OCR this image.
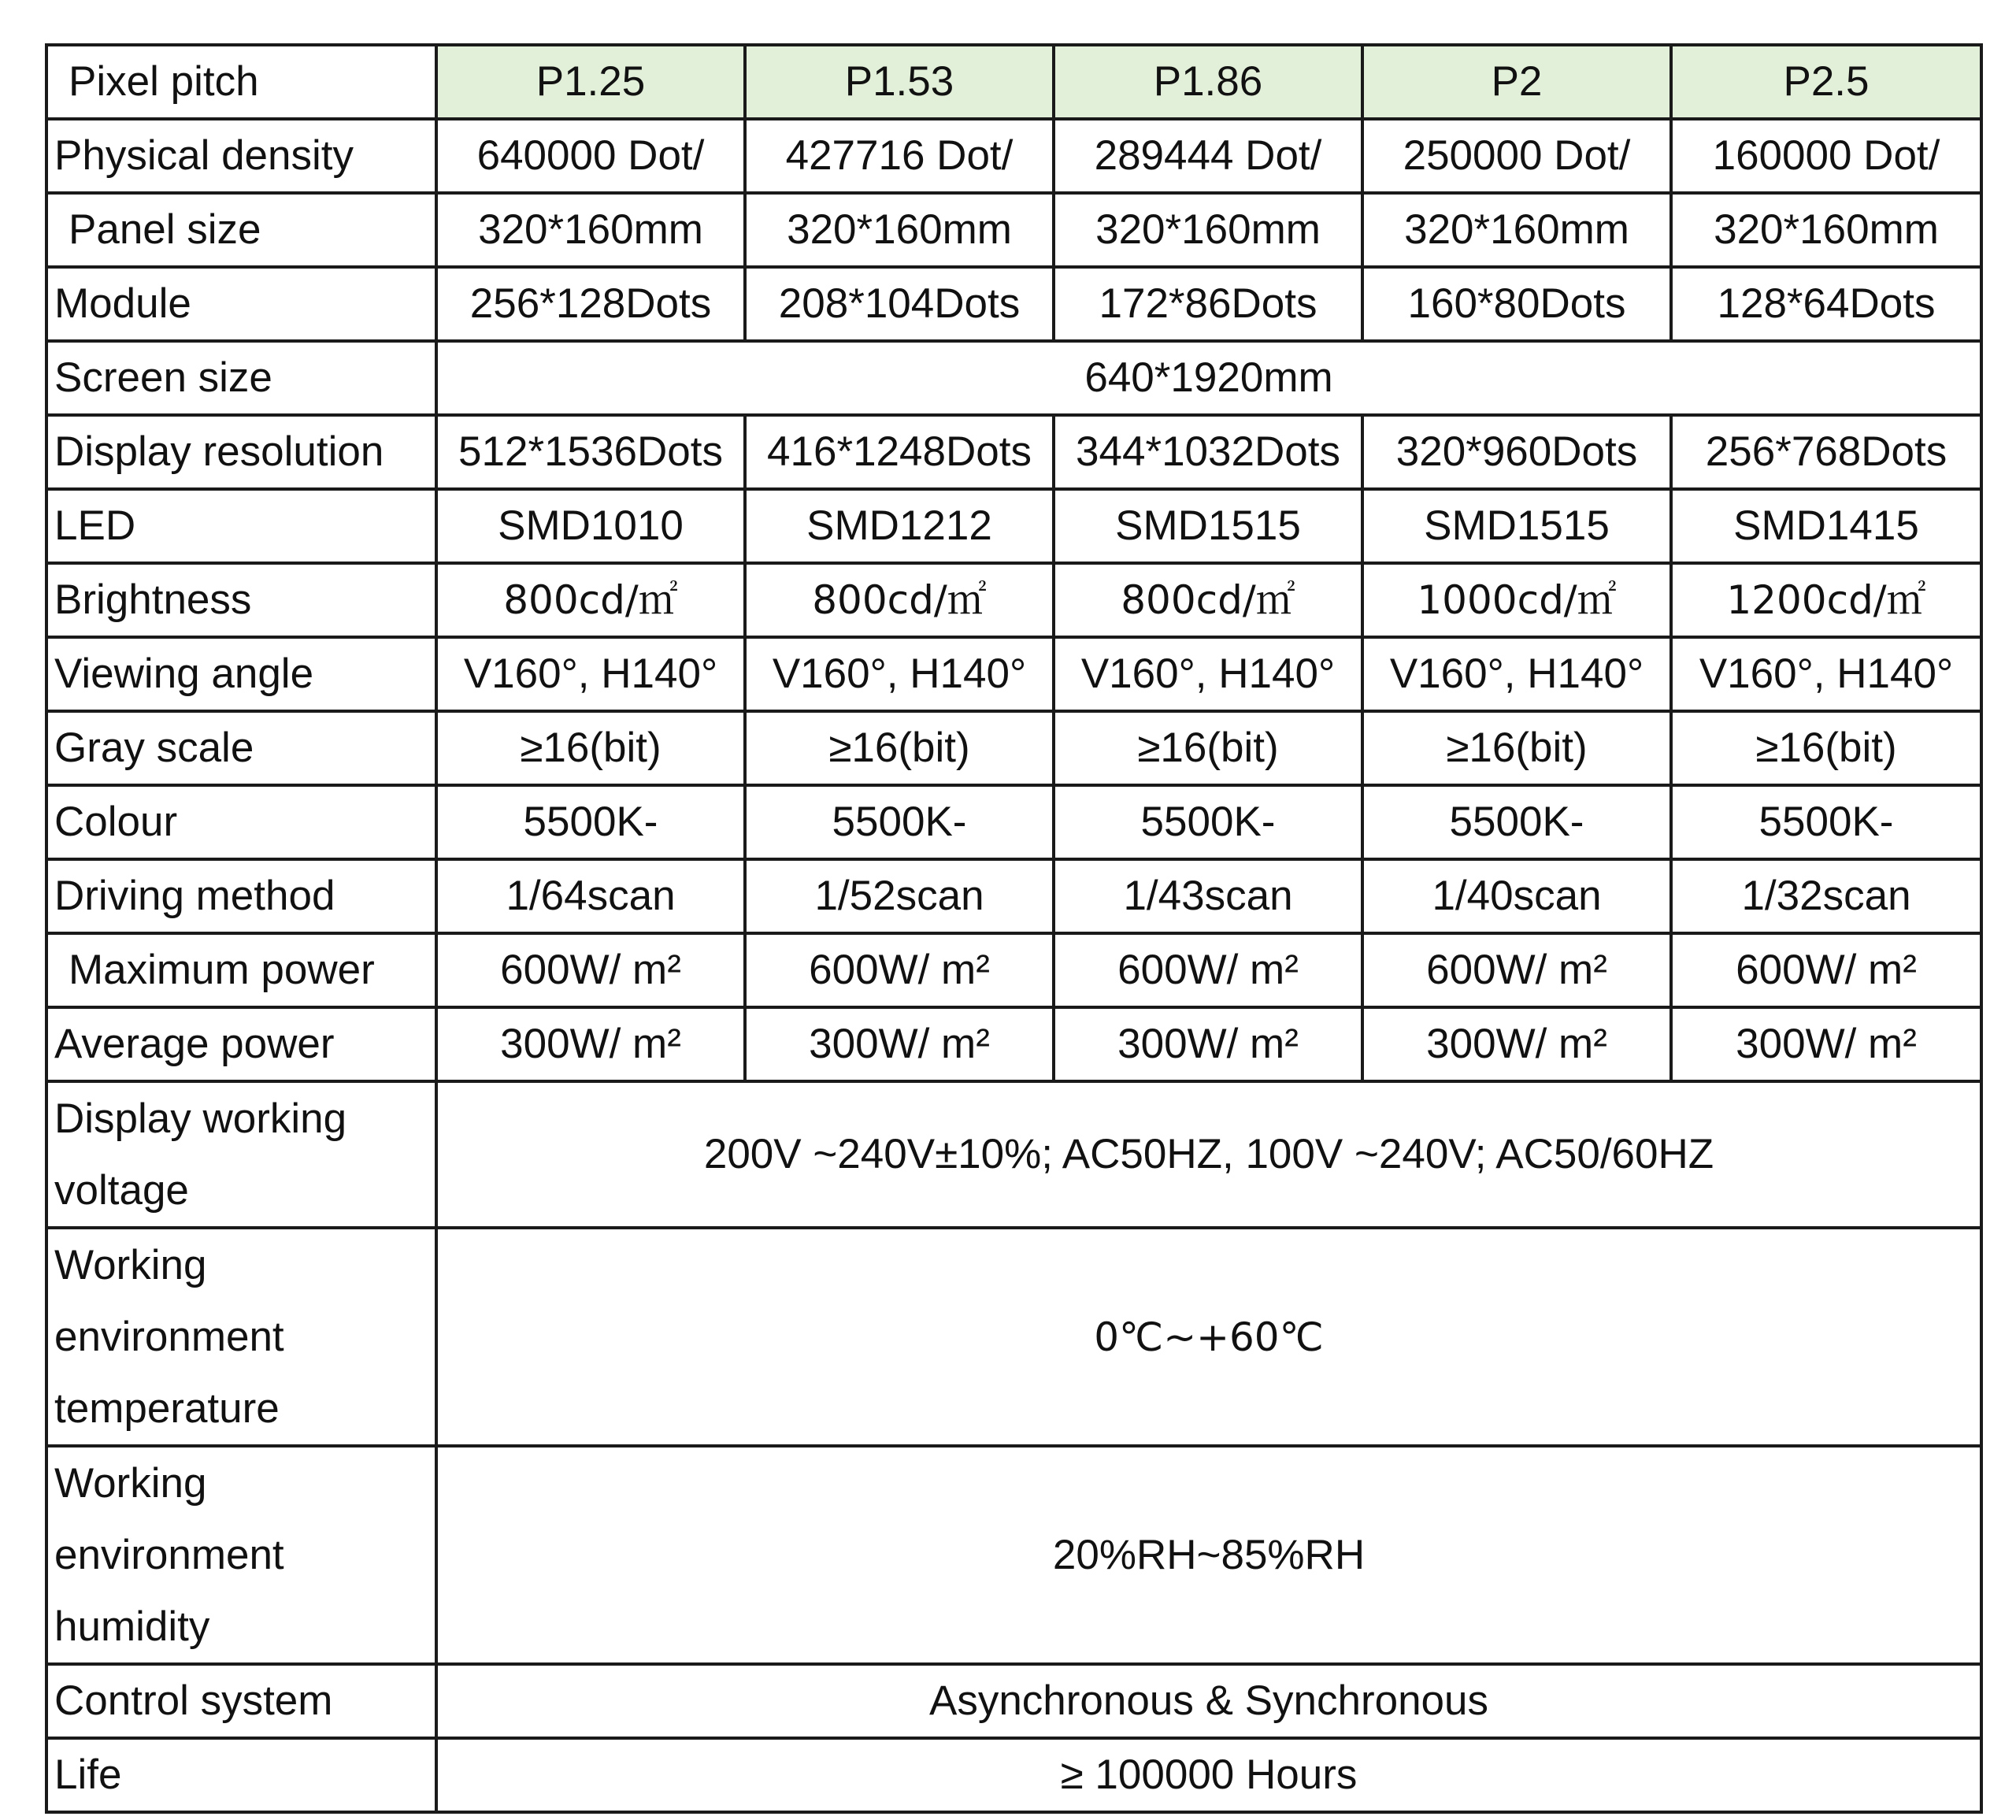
Pixel pitch	P1.25	P1.53	P1.86	P2	P2.5
Physical density	640000 Dot/	427716 Dot/	289444 Dot/	250000 Dot/	160000 Dot/
Panel size	320*160mm	320*160mm	320*160mm	320*160mm	320*160mm
Module	256*128Dots	208*104Dots	172*86Dots	160*80Dots	128*64Dots
Screen size	640*1920mm				
Display resolution	512*1536Dots	416*1248Dots	344*1032Dots	320*960Dots	256*768Dots
LED	SMD1010	SMD1212	SMD1515	SMD1515	SMD1415
Brightness	800cd/㎡	800cd/㎡	800cd/㎡	1000cd/㎡	1200cd/㎡
Viewing angle	V160°, H140°	V160°, H140°	V160°, H140°	V160°, H140°	V160°, H140°
Gray scale	≥16(bit)	≥16(bit)	≥16(bit)	≥16(bit)	≥16(bit)
Colour	5500K-	5500K-	5500K-	5500K-	5500K-
Driving method	1/64scan	1/52scan	1/43scan	1/40scan	1/32scan
Maximum power	600W/ m²	600W/ m²	600W/ m²	600W/ m²	600W/ m²
Average power	300W/ m²	300W/ m²	300W/ m²	300W/ m²	300W/ m²
Display working voltage	200V ~240V±10%; AC50HZ, 100V ~240V; AC50/60HZ				
Working environment temperature	0℃~+60℃				
Working environment humidity	20%RH~85%RH				
Control system	Asynchronous & Synchronous				
Life	≥ 100000 Hours				
